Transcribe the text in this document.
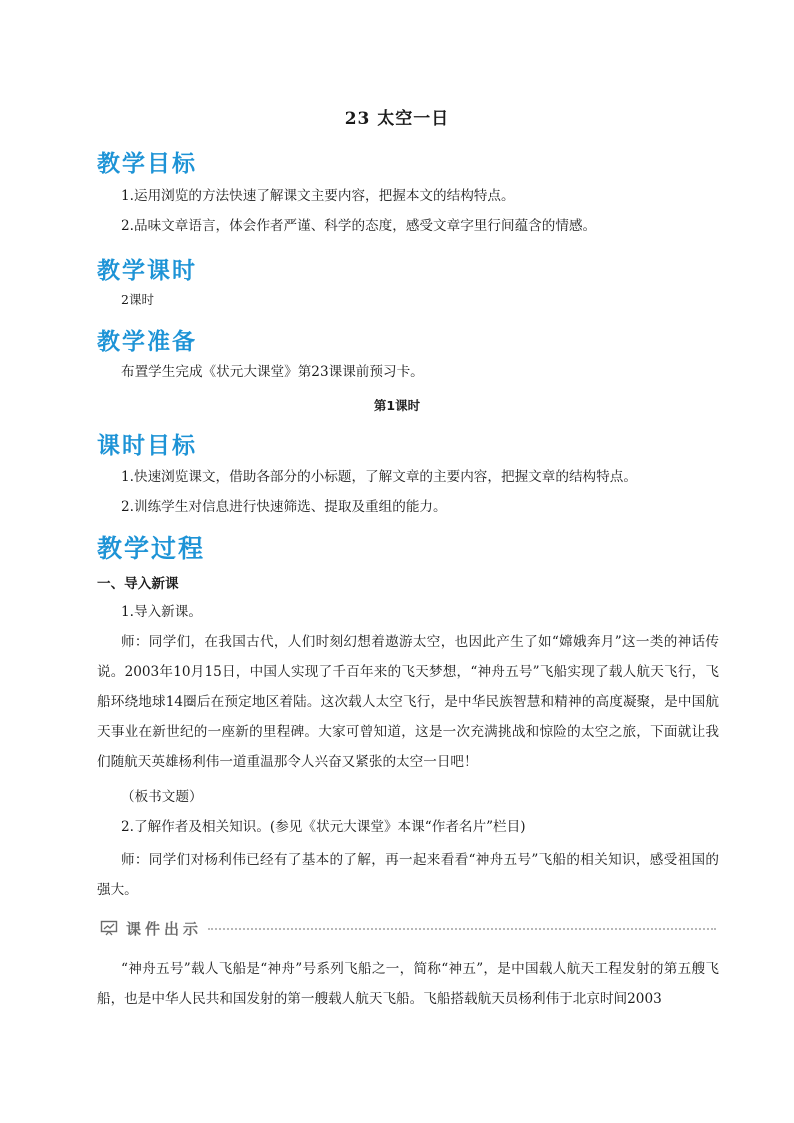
23 太空一日
教学目标
1.运用浏览的方法快速了解课文主要内容，把握本文的结构特点。
2.品味文章语言，体会作者严谨、科学的态度，感受文章字里行间蕴含的情感。
教学课时
2课时
教学准备
布置学生完成《状元大课堂》第23课课前预习卡。
第1课时
课时目标
1.快速浏览课文，借助各部分的小标题，了解文章的主要内容，把握文章的结构特点。
2.训练学生对信息进行快速筛选、提取及重组的能力。
教学过程
一、导入新课
1.导入新课。
师：同学们，在我国古代，人们时刻幻想着遨游太空，也因此产生了如“嫦娥奔月”这一类的神话传说。2003年10月15日，中国人实现了千百年来的飞天梦想，“神舟五号”飞船实现了载人航天飞行，飞船环绕地球14圈后在预定地区着陆。这次载人太空飞行，是中华民族智慧和精神的高度凝聚，是中国航天事业在新世纪的一座新的里程碑。大家可曾知道，这是一次充满挑战和惊险的太空之旅，下面就让我们随航天英雄杨利伟一道重温那令人兴奋又紧张的太空一日吧！
（板书文题）
2.了解作者及相关知识。(参见《状元大课堂》本课“作者名片”栏目)
师：同学们对杨利伟已经有了基本的了解，再一起来看看“神舟五号”飞船的相关知识，感受祖国的强大。
课件出示
“神舟五号”载人飞船是“神舟”号系列飞船之一，简称“神五”，是中国载人航天工程发射的第五艘飞船，也是中华人民共和国发射的第一艘载人航天飞船。飞船搭载航天员杨利伟于北京时间2003
